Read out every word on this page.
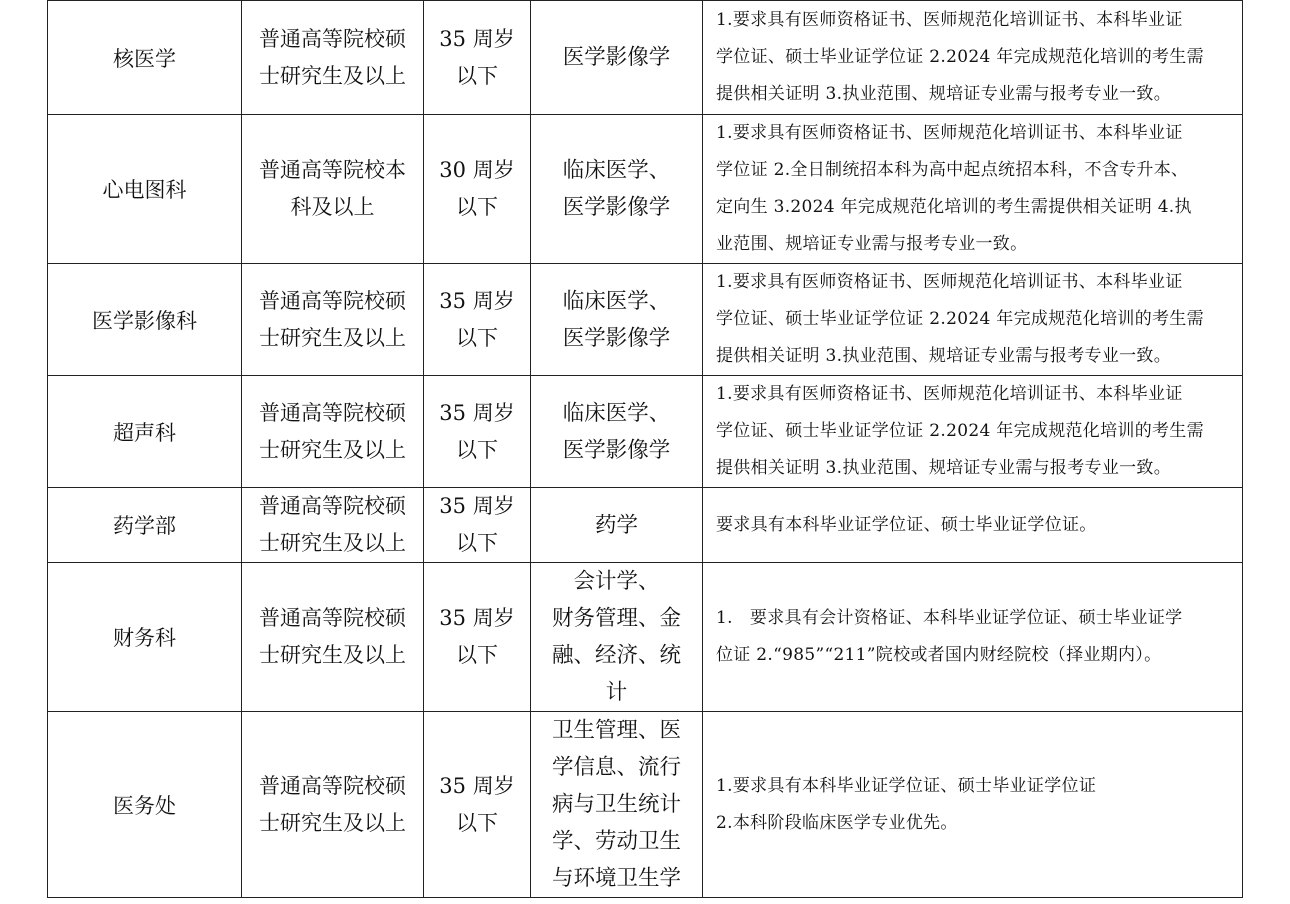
核医学	普通高等院校硕
士研究生及以上	35 周岁
以下	医学影像学	1.要求具有医师资格证书、医师规范化培训证书、本科毕业证
学位证、硕士毕业证学位证 2.2024 年完成规范化培训的考生需
提供相关证明 3.执业范围、规培证专业需与报考专业一致。

心电图科	普通高等院校本
科及以上	30 周岁
以下	临床医学、
医学影像学	1.要求具有医师资格证书、医师规范化培训证书、本科毕业证
学位证 2.全日制统招本科为高中起点统招本科，不含专升本、
定向生 3.2024 年完成规范化培训的考生需提供相关证明 4.执
业范围、规培证专业需与报考专业一致。

医学影像科	普通高等院校硕
士研究生及以上	35 周岁
以下	临床医学、
医学影像学	1.要求具有医师资格证书、医师规范化培训证书、本科毕业证
学位证、硕士毕业证学位证 2.2024 年完成规范化培训的考生需
提供相关证明 3.执业范围、规培证专业需与报考专业一致。

超声科	普通高等院校硕
士研究生及以上	35 周岁
以下	临床医学、
医学影像学	1.要求具有医师资格证书、医师规范化培训证书、本科毕业证
学位证、硕士毕业证学位证 2.2024 年完成规范化培训的考生需
提供相关证明 3.执业范围、规培证专业需与报考专业一致。

药学部	普通高等院校硕
士研究生及以上	35 周岁
以下	药学	要求具有本科毕业证学位证、硕士毕业证学位证。

财务科	普通高等院校硕
士研究生及以上	35 周岁
以下	会计学、
财务管理、金
融、经济、统
计	1.   要求具有会计资格证、本科毕业证学位证、硕士毕业证学
位证 2.“985”“211”院校或者国内财经院校（择业期内）。

医务处	普通高等院校硕
士研究生及以上	35 周岁
以下	卫生管理、医
学信息、流行
病与卫生统计
学、劳动卫生
与环境卫生学	1.要求具有本科毕业证学位证、硕士毕业证学位证
2.本科阶段临床医学专业优先。
